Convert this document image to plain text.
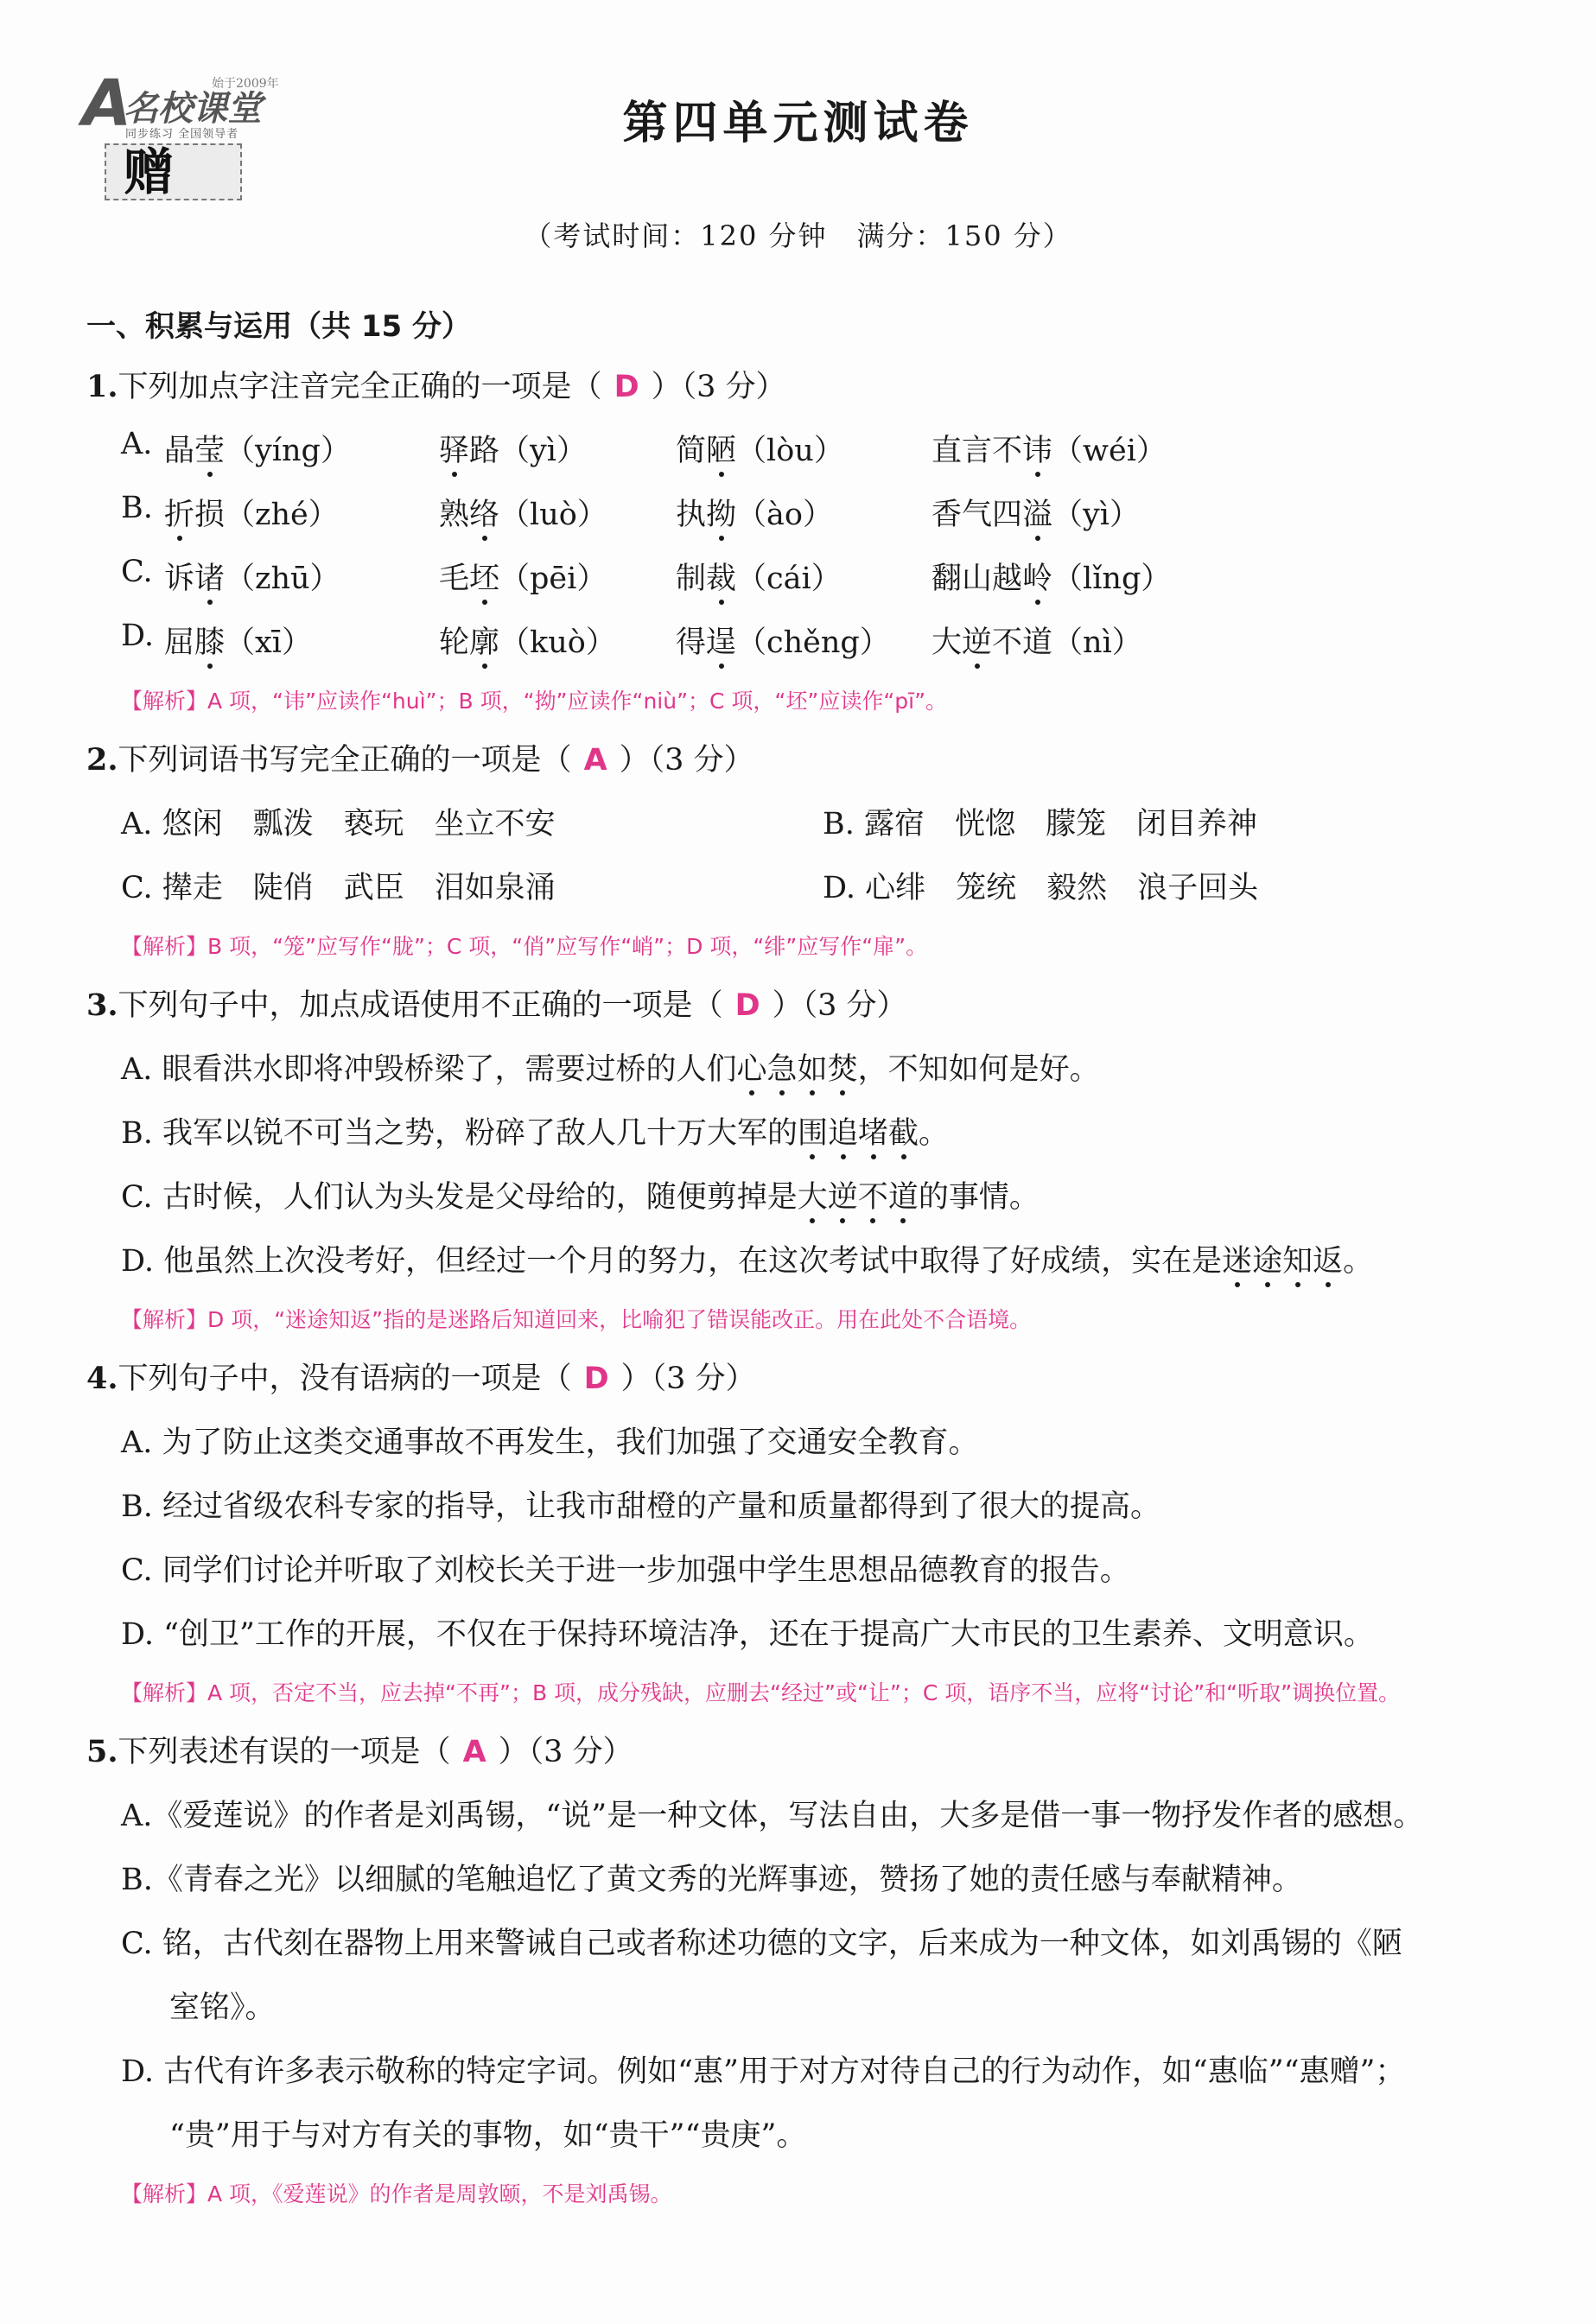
A
名校课堂
始于2009年
同步练习 全国领导者
赠
第四单元测试卷
（考试时间：120 分钟　满分：150 分）
一、积累与运用（共 15 分）
1.下列加点字注音完全正确的一项是（ D ）（3 分）
A. 晶莹（yíng）	驿路（yì）	简陋（lòu）	直言不讳（wéi）
B. 折损（zhé）	熟络（luò） 执拗（ào）	香气四溢（yì）
C. 诉诸（zhū）	毛坯（pēi） 制裁（cái）	翻山越岭（lǐng）
D. 屈膝（xī）	轮廓（kuò） 得逞（chěng） 大逆不道（nì）
【解析】A 项，“讳”应读作“huì”；B 项，“拗”应读作“niù”；C 项，“坯”应读作“pī”。
2.下列词语书写完全正确的一项是（ A ）（3 分）
A. 悠闲　瓢泼　亵玩　坐立不安	B. 露宿　恍惚　朦笼　闭目养神
C. 撵走　陡俏　武臣　泪如泉涌	D. 心绯　笼统　毅然　浪子回头
【解析】B 项，“笼”应写作“胧”；C 项，“俏”应写作“峭”；D 项，“绯”应写作“扉”。
3.下列句子中，加点成语使用不正确的一项是（ D ）（3 分）
A. 眼看洪水即将冲毁桥梁了，需要过桥的人们心急如焚，不知如何是好。
B. 我军以锐不可当之势，粉碎了敌人几十万大军的围追堵截。
C. 古时候，人们认为头发是父母给的，随便剪掉是大逆不道的事情。
D. 他虽然上次没考好，但经过一个月的努力，在这次考试中取得了好成绩，实在是迷途知返。
【解析】D 项，“迷途知返”指的是迷路后知道回来，比喻犯了错误能改正。用在此处不合语境。
4.下列句子中，没有语病的一项是（ D ）（3 分）
A. 为了防止这类交通事故不再发生，我们加强了交通安全教育。
B. 经过省级农科专家的指导，让我市甜橙的产量和质量都得到了很大的提高。
C. 同学们讨论并听取了刘校长关于进一步加强中学生思想品德教育的报告。
D. “创卫”工作的开展，不仅在于保持环境洁净，还在于提高广大市民的卫生素养、文明意识。
【解析】A 项，否定不当，应去掉“不再”；B 项，成分残缺，应删去“经过”或“让”；C 项，语序不当，应将“讨论”和“听取”调换位置。
5.下列表述有误的一项是（ A ）（3 分）
A.《爱莲说》的作者是刘禹锡，“说”是一种文体，写法自由，大多是借一事一物抒发作者的感想。
B.《青春之光》以细腻的笔触追忆了黄文秀的光辉事迹，赞扬了她的责任感与奉献精神。
C. 铭，古代刻在器物上用来警诫自己或者称述功德的文字，后来成为一种文体，如刘禹锡的《陋
室铭》。
D. 古代有许多表示敬称的特定字词。例如“惠”用于对方对待自己的行为动作，如“惠临”“惠赠”；
“贵”用于与对方有关的事物，如“贵干”“贵庚”。
【解析】A 项，《爱莲说》的作者是周敦颐，不是刘禹锡。
